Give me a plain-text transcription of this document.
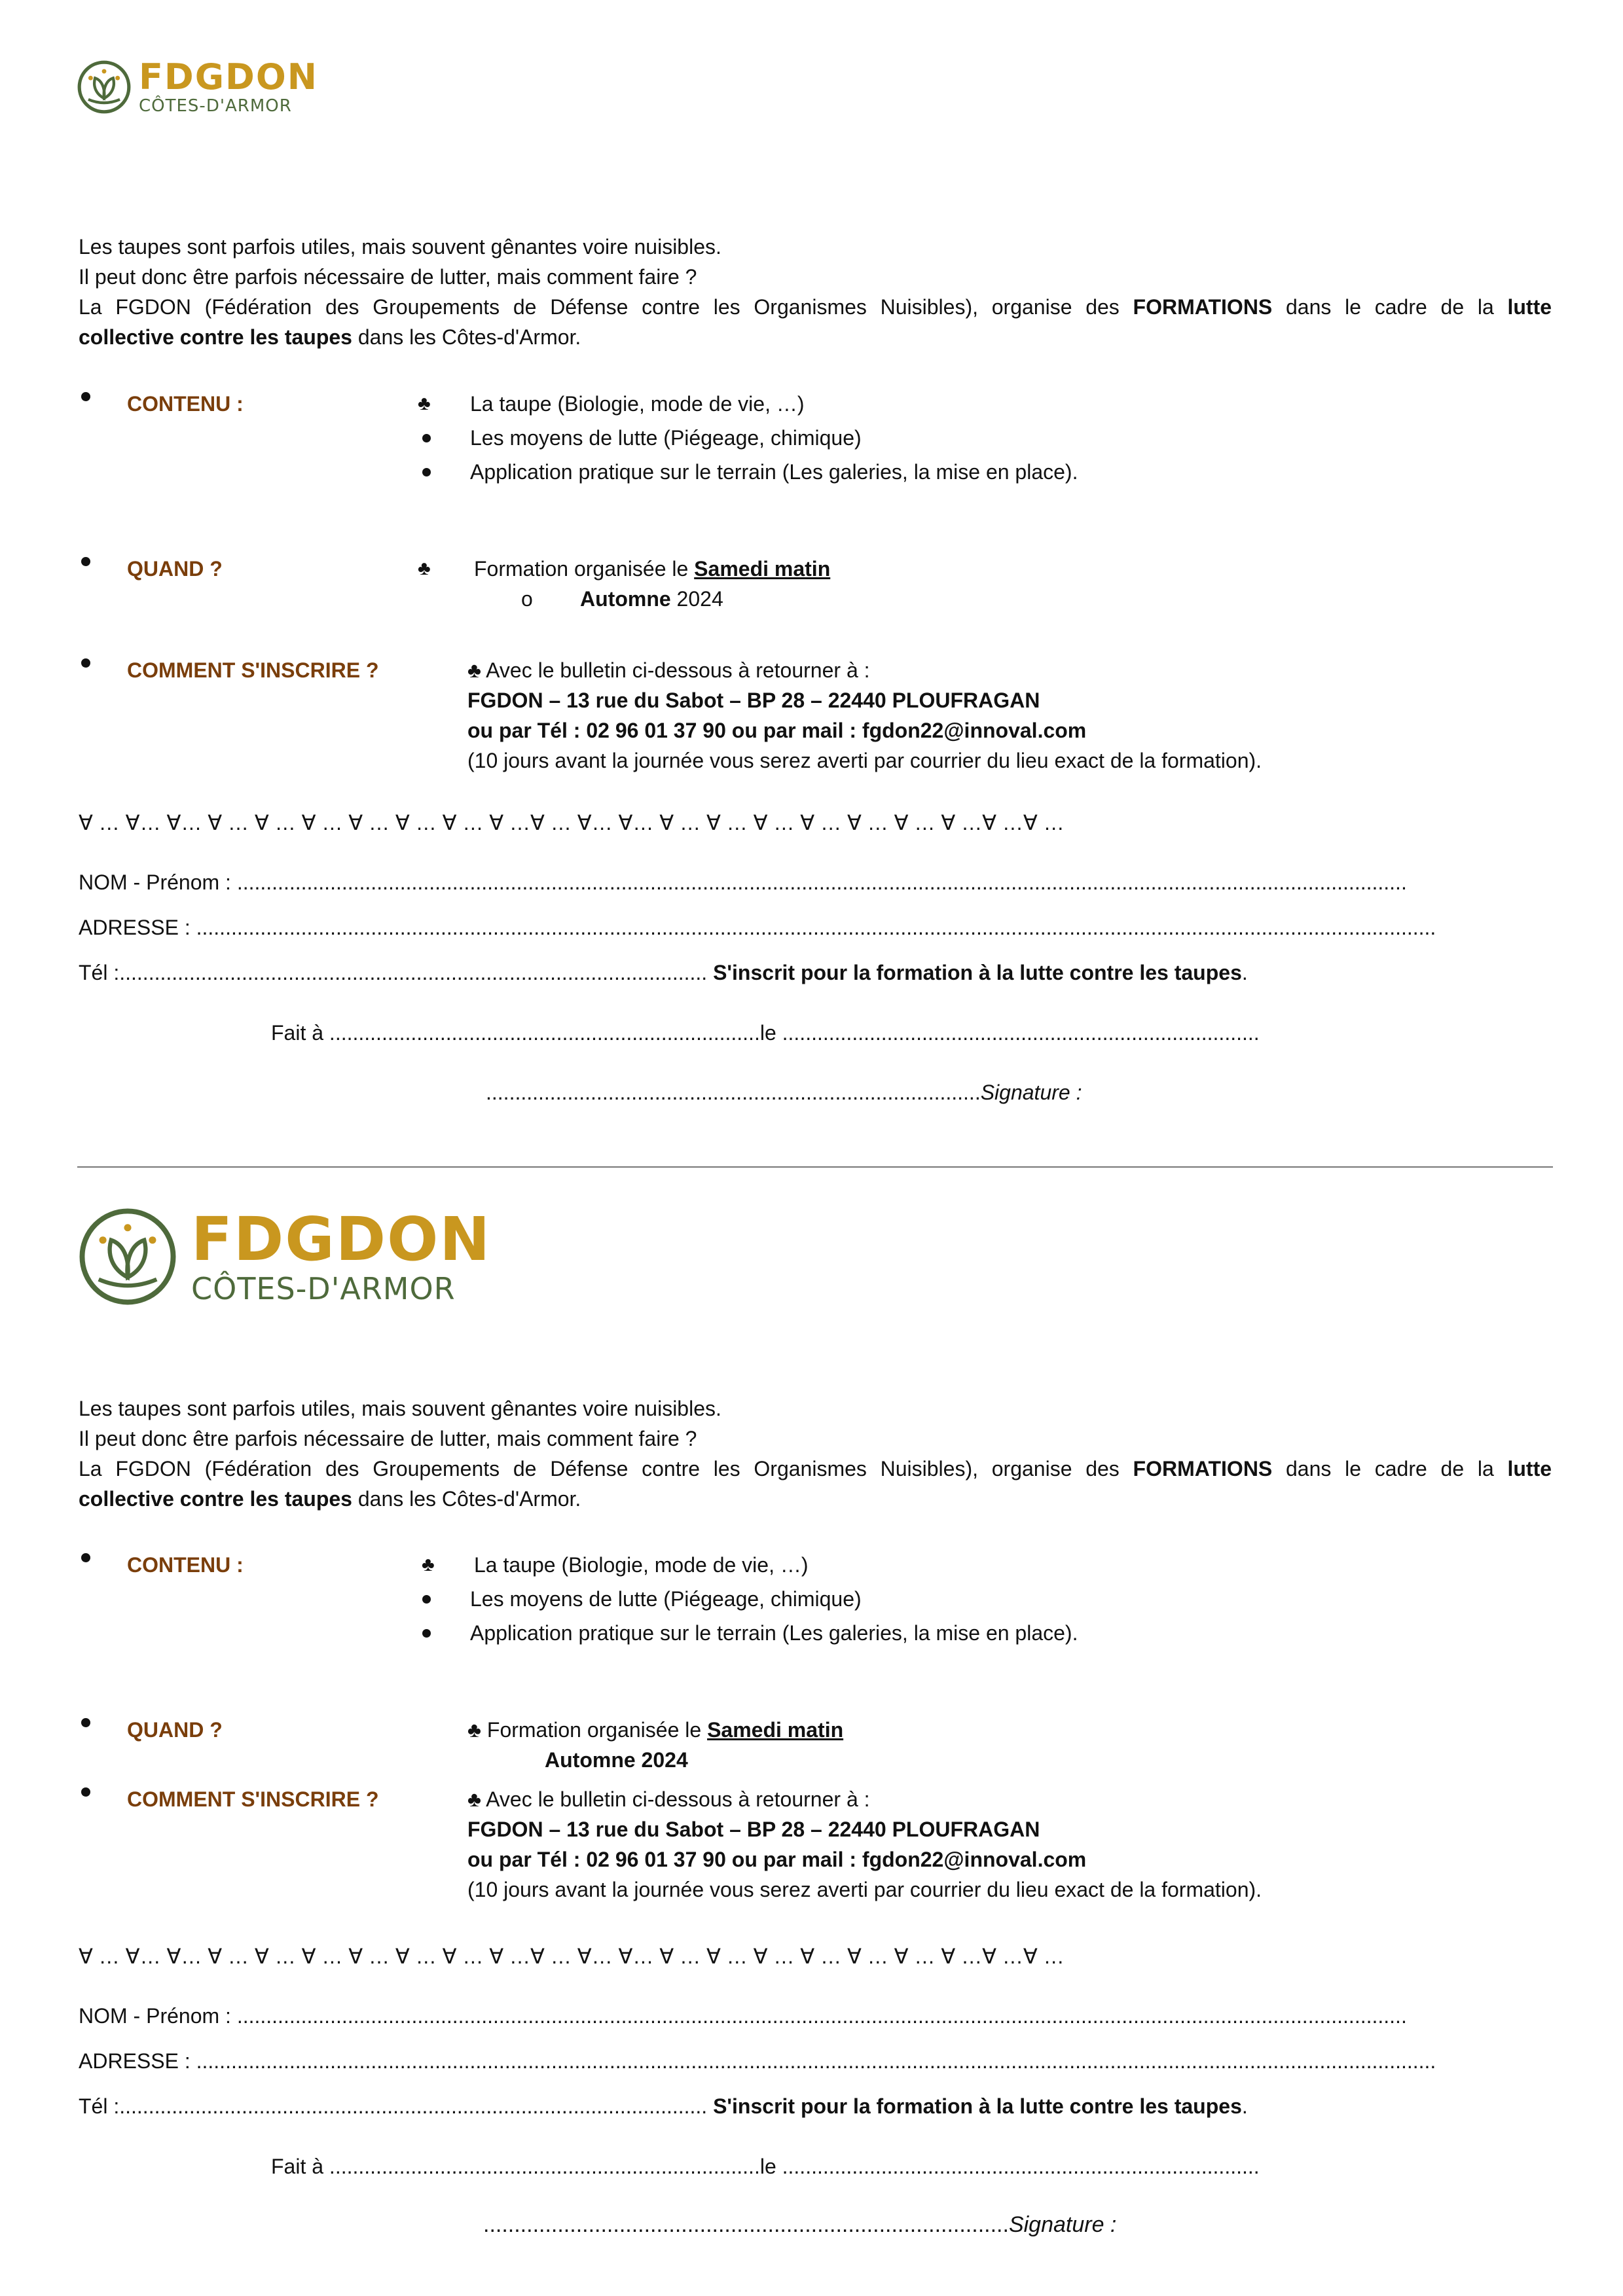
FDGDON
CÔTES-D'ARMOR
Les taupes sont parfois utiles, mais souvent gênantes voire nuisibles.
Il peut donc être parfois nécessaire de lutter, mais comment faire ?
La FGDON (Fédération des Groupements de Défense contre les Organismes Nuisibles), organise des FORMATIONS dans le cadre de la lutte
collective contre les taupes dans les Côtes-d'Armor.
CONTENU :	♣ La taupe (Biologie, mode de vie, …)
Les moyens de lutte (Piégeage, chimique)
Application pratique sur le terrain (Les galeries, la mise en place).
QUAND ?	♣ Formation organisée le Samedi matin
o Automne 2024
COMMENT S'INSCRIRE ?	♣ Avec le bulletin ci-dessous à retourner à :
FGDON – 13 rue du Sabot – BP 28 – 22440 PLOUFRAGAN
ou par Tél : 02 96 01 37 90 ou par mail : fgdon22@innoval.com
(10 jours avant la journée vous serez averti par courrier du lieu exact de la formation).
∀ … ∀… ∀… ∀ … ∀ … ∀ … ∀ … ∀ … ∀ … ∀ …∀ … ∀… ∀… ∀ … ∀ … ∀ … ∀ … ∀ … ∀ … ∀ …∀ …∀ …
NOM - Prénom : .........................................................................................................................................................................................................
ADRESSE : .....................................................................................................................................................................................................................
Tél :..................................................................................................... S'inscrit pour la formation à la lutte contre les taupes.
Fait à ..........................................................................le ..................................................................................
.....................................................................................Signature :
FDGDON
CÔTES-D'ARMOR
Les taupes sont parfois utiles, mais souvent gênantes voire nuisibles.
Il peut donc être parfois nécessaire de lutter, mais comment faire ?
La FGDON (Fédération des Groupements de Défense contre les Organismes Nuisibles), organise des FORMATIONS dans le cadre de la lutte
collective contre les taupes dans les Côtes-d'Armor.
CONTENU :	♣ La taupe (Biologie, mode de vie, …)
Les moyens de lutte (Piégeage, chimique)
Application pratique sur le terrain (Les galeries, la mise en place).
QUAND ?	♣ Formation organisée le Samedi matin
Automne 2024
COMMENT S'INSCRIRE ?	♣ Avec le bulletin ci-dessous à retourner à :
FGDON – 13 rue du Sabot – BP 28 – 22440 PLOUFRAGAN
ou par Tél : 02 96 01 37 90 ou par mail : fgdon22@innoval.com
(10 jours avant la journée vous serez averti par courrier du lieu exact de la formation).
∀ … ∀… ∀… ∀ … ∀ … ∀ … ∀ … ∀ … ∀ … ∀ …∀ … ∀… ∀… ∀ … ∀ … ∀ … ∀ … ∀ … ∀ … ∀ …∀ …∀ …
NOM - Prénom : .........................................................................................................................................................................................................
ADRESSE : .....................................................................................................................................................................................................................
Tél :..................................................................................................... S'inscrit pour la formation à la lutte contre les taupes.
Fait à ..........................................................................le ..................................................................................
.....................................................................................Signature :
